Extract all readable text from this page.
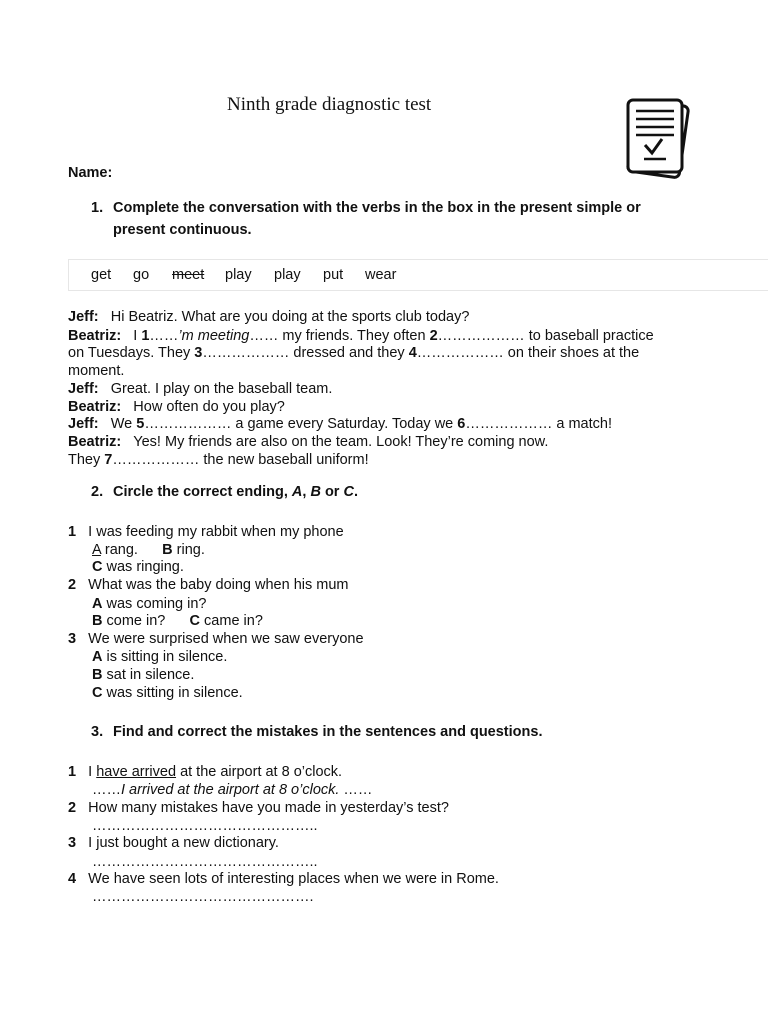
Ninth grade diagnostic test
Name:
1. Complete the conversation with the verbs in the box in the present simple or
present continuous.
get go meet play play put wear
Jeff: Hi Beatriz. What are you doing at the sports club today?
Beatriz: I 1……’m meeting…… my friends. They often 2……………… to baseball practice
on Tuesdays. They 3……………… dressed and they 4……………… on their shoes at the
moment.
Jeff: Great. I play on the baseball team.
Beatriz: How often do you play?
Jeff: We 5……………… a game every Saturday. Today we 6……………… a match!
Beatriz: Yes! My friends are also on the team. Look! They’re coming now.
They 7……………… the new baseball uniform!
2. Circle the correct ending, A, B or C.
1 I was feeding my rabbit when my phone
A rang. B ring.
C was ringing.
2 What was the baby doing when his mum
A was coming in?
B come in? C came in?
3 We were surprised when we saw everyone
A is sitting in silence.
B sat in silence.
C was sitting in silence.
3. Find and correct the mistakes in the sentences and questions.
1 I have arrived at the airport at 8 o’clock.
……I arrived at the airport at 8 o’clock. ……
2 How many mistakes have you made in yesterday’s test?
………………………………………..
3 I just bought a new dictionary.
………………………………………..
4 We have seen lots of interesting places when we were in Rome.
……………………………………….
